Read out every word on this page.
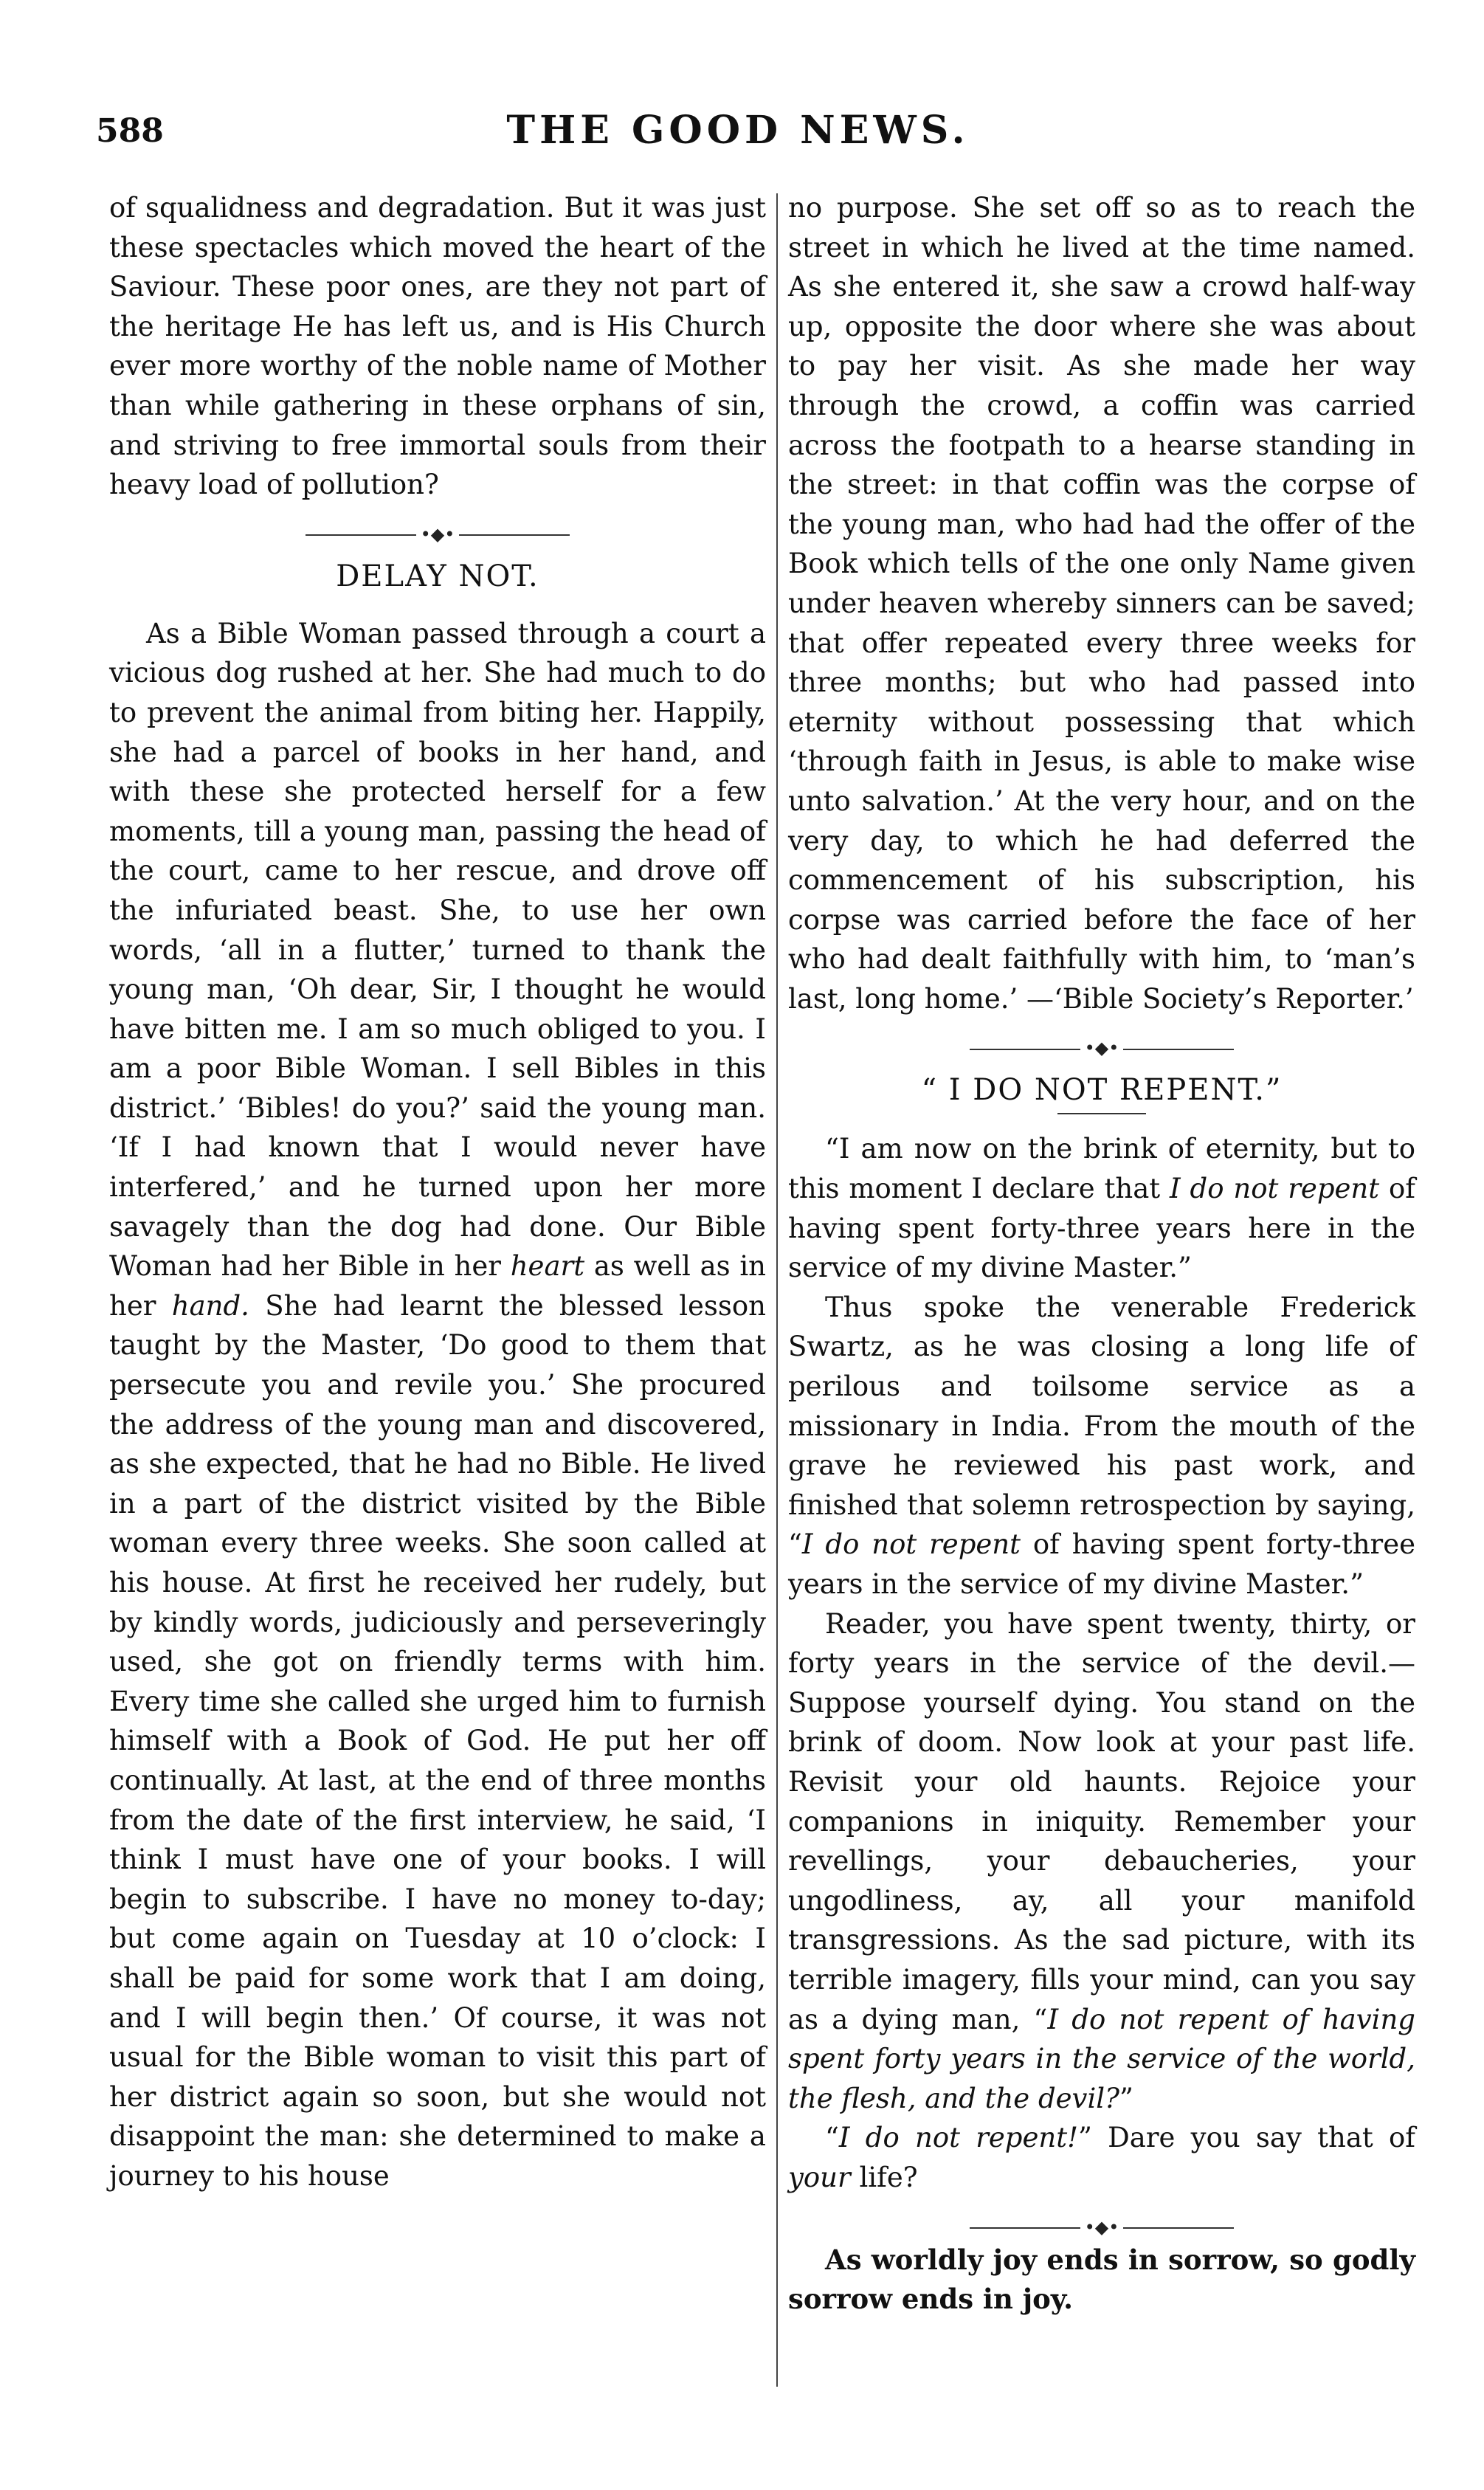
588	THE GOOD NEWS.

of squalidness and degradation. But it was just these spectacles which moved the heart of the Saviour. These poor ones, are they not part of the heritage He has left us, and is His Church ever more worthy of the noble name of Mother than while gathering in these orphans of sin, and striving to free immortal souls from their heavy load of pollution?

•◆•
DELAY NOT.

As a Bible Woman passed through a court a vicious dog rushed at her. She had much to do to prevent the animal from biting her. Happily, she had a parcel of books in her hand, and with these she protected herself for a few moments, till a young man, passing the head of the court, came to her rescue, and drove off the infuriated beast. She, to use her own words, ‘all in a flutter,’ turned to thank the young man, ‘Oh dear, Sir, I thought he would have bitten me. I am so much obliged to you. I am a poor Bible Woman. I sell Bibles in this district.’ ‘Bibles! do you?’ said the young man. ‘If I had known that I would never have interfered,’ and he turned upon her more savagely than the dog had done. Our Bible Woman had her Bible in her heart as well as in her hand. She had learnt the blessed lesson taught by the Master, ‘Do good to them that persecute you and revile you.’ She procured the address of the young man and discovered, as she expected, that he had no Bible. He lived in a part of the district visited by the Bible woman every three weeks. She soon called at his house. At first he received her rudely, but by kindly words, judiciously and perseveringly used, she got on friendly terms with him. Every time she called she urged him to furnish himself with a Book of God. He put her off continually. At last, at the end of three months from the date of the first interview, he said, ‘I think I must have one of your books. I will begin to subscribe. I have no money to-day; but come again on Tuesday at 10 o’clock: I shall be paid for some work that I am doing, and I will begin then.’ Of course, it was not usual for the Bible woman to visit this part of her district again so soon, but she would not disappoint the man: she determined to make a journey to his house

no purpose. She set off so as to reach the street in which he lived at the time named. As she entered it, she saw a crowd half-way up, opposite the door where she was about to pay her visit. As she made her way through the crowd, a coffin was carried across the footpath to a hearse standing in the street: in that coffin was the corpse of the young man, who had had the offer of the Book which tells of the one only Name given under heaven whereby sinners can be saved; that offer repeated every three weeks for three months; but who had passed into eternity without possessing that which ‘through faith in Jesus, is able to make wise unto salvation.’ At the very hour, and on the very day, to which he had deferred the commencement of his subscription, his corpse was carried before the face of her who had dealt faithfully with him, to ‘man’s last, long home.’ —‘Bible Society’s Reporter.’

•◆•
“ I DO NOT REPENT.”

“I am now on the brink of eternity, but to this moment I declare that I do not repent of having spent forty-three years here in the service of my divine Master.”

Thus spoke the venerable Frederick Swartz, as he was closing a long life of perilous and toilsome service as a missionary in India. From the mouth of the grave he reviewed his past work, and finished that solemn retrospection by saying, “I do not repent of having spent forty-three years in the service of my divine Master.”

Reader, you have spent twenty, thirty, or forty years in the service of the devil.—Suppose yourself dying. You stand on the brink of doom. Now look at your past life. Revisit your old haunts. Rejoice your companions in iniquity. Remember your revellings, your debaucheries, your ungodliness, ay, all your manifold transgressions. As the sad picture, with its terrible imagery, fills your mind, can you say as a dying man, “I do not repent of having spent forty years in the service of the world, the flesh, and the devil?”

“I do not repent!” Dare you say that of your life?

•◆•

As worldly joy ends in sorrow, so godly sorrow ends in joy.
